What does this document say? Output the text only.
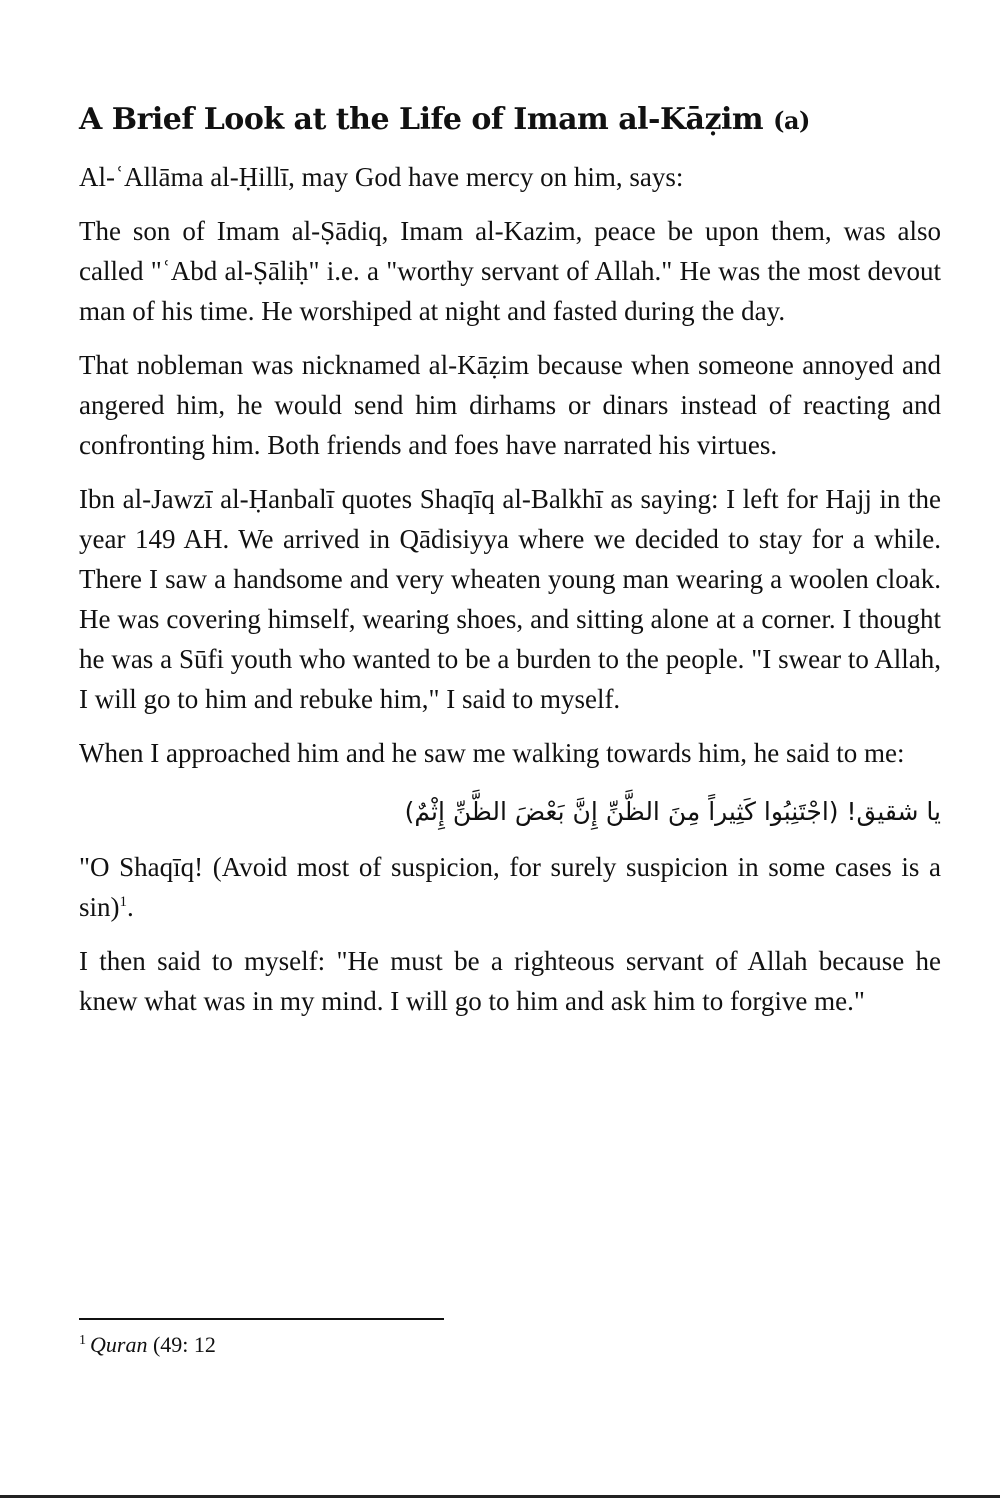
A Brief Look at the Life of Imam al-Kāẓim (a)

Al-ʿAllāma al-Ḥillī, may God have mercy on him, says:

The son of Imam al-Ṣādiq, Imam al-Kazim, peace be upon them, was also called "ʿAbd al-Ṣāliḥ" i.e. a "worthy servant of Allah." He was the most devout man of his time. He worshiped at night and fasted during the day.

That nobleman was nicknamed al-Kāẓim because when someone annoyed and angered him, he would send him dirhams or dinars instead of reacting and confronting him. Both friends and foes have narrated his virtues.

Ibn al-Jawzī al-Ḥanbalī quotes Shaqīq al-Balkhī as saying: I left for Hajj in the year 149 AH. We arrived in Qādisiyya where we decided to stay for a while. There I saw a handsome and very wheaten young man wearing a woolen cloak. He was covering himself, wearing shoes, and sitting alone at a corner. I thought he was a Sūfi youth who wanted to be a burden to the people. "I swear to Allah, I will go to him and rebuke him," I said to myself.

When I approached him and he saw me walking towards him, he said to me:

يا شقيق! (اجْتَنِبُوا كَثِيراً مِنَ الظَّنِّ إِنَّ بَعْضَ الظَّنِّ إِثْمٌ)

"O Shaqīq! (Avoid most of suspicion, for surely suspicion in some cases is a sin)$^1$.

I then said to myself: "He must be a righteous servant of Allah because he knew what was in my mind. I will go to him and ask him to forgive me."

$^1$ Quran (49: 12
